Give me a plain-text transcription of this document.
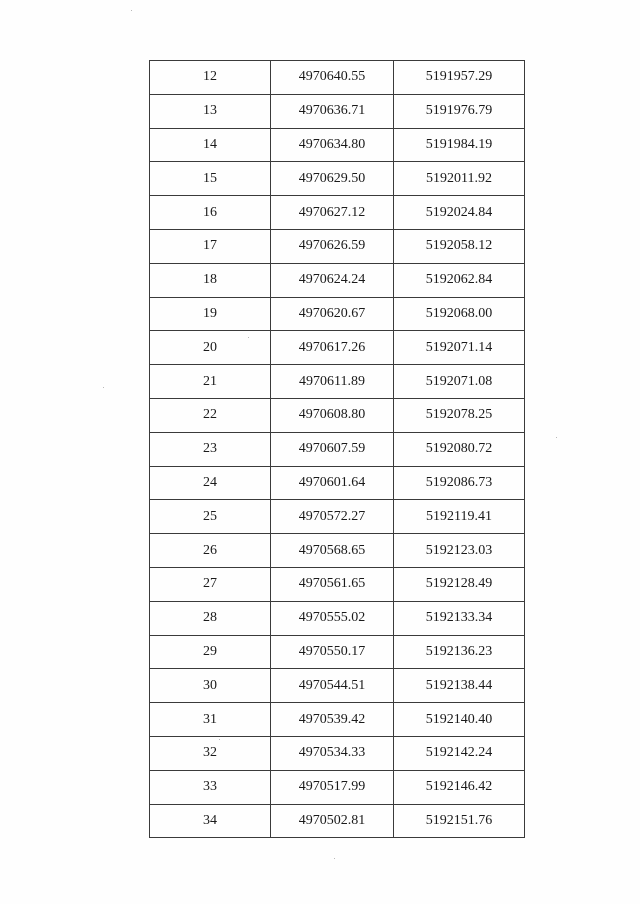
12	4970640.55	5191957.29
13	4970636.71	5191976.79
14	4970634.80	5191984.19
15	4970629.50	5192011.92
16	4970627.12	5192024.84
17	4970626.59	5192058.12
18	4970624.24	5192062.84
19	4970620.67	5192068.00
20	4970617.26	5192071.14
21	4970611.89	5192071.08
22	4970608.80	5192078.25
23	4970607.59	5192080.72
24	4970601.64	5192086.73
25	4970572.27	5192119.41
26	4970568.65	5192123.03
27	4970561.65	5192128.49
28	4970555.02	5192133.34
29	4970550.17	5192136.23
30	4970544.51	5192138.44
31	4970539.42	5192140.40
32	4970534.33	5192142.24
33	4970517.99	5192146.42
34	4970502.81	5192151.76
